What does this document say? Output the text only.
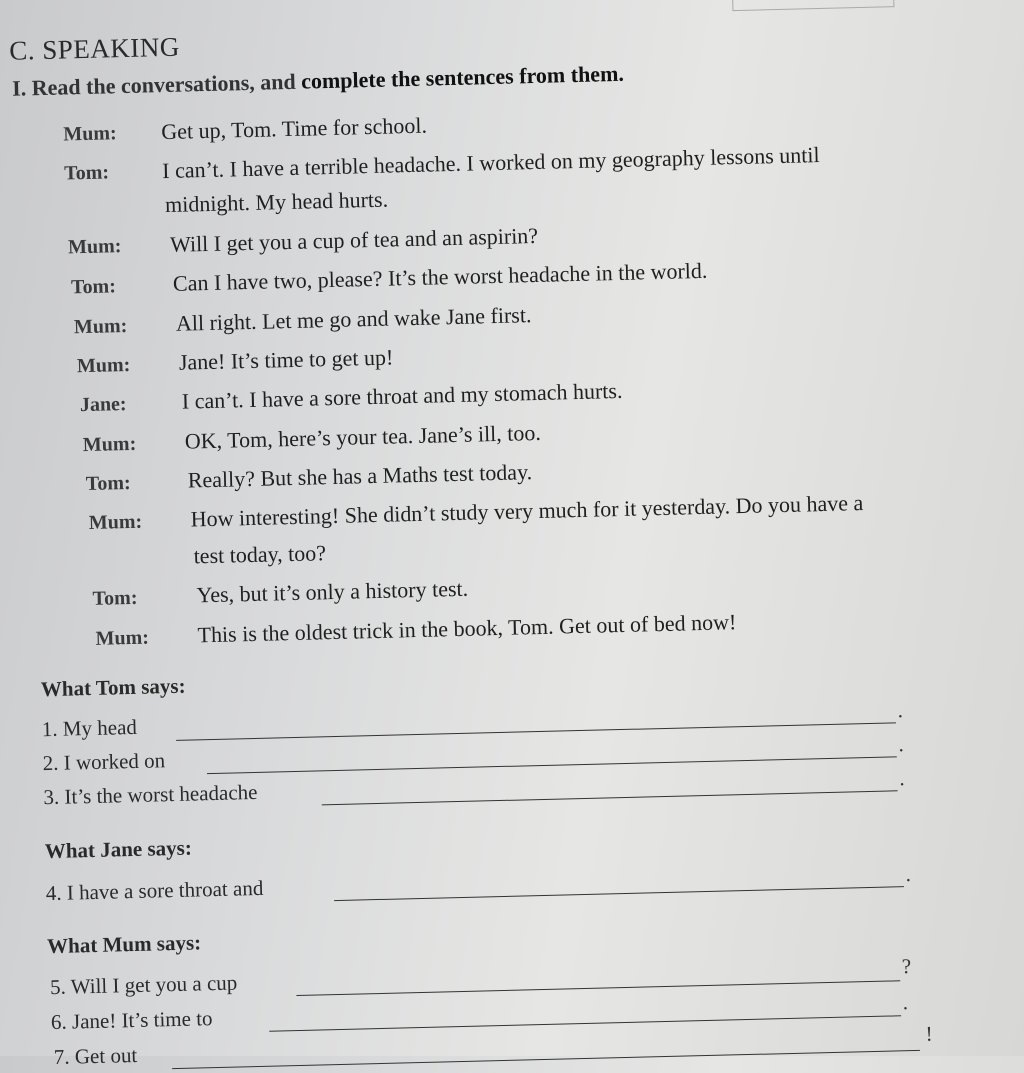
C. SPEAKING
I. Read the conversations, and complete the sentences from them.
Mum: Get up, Tom. Time for school.
Tom: I can’t. I have a terrible headache. I worked on my geography lessons until
midnight. My head hurts.
Mum: Will I get you a cup of tea and an aspirin?
Tom:	Can I have two, please? It’s the worst headache in the world.
Mum: All right. Let me go and wake Jane first.
Mum: Jane! It’s time to get up!
Jane: I can’t. I have a sore throat and my stomach hurts.
Mum: OK, Tom, here’s your tea. Jane’s ill, too.
Tom:	Really? But she has a Maths test today.
Mum: How interesting! She didn’t study very much for it yesterday. Do you have a
test today, too?
Tom:	Yes, but it’s only a history test.
Mum: This is the oldest trick in the book, Tom. Get out of bed now!
What Tom says:
1. My head
.
2. I worked on
.
3. It’s the worst headache
.
What Jane says:
4. I have a sore throat and
.
What Mum says:
5. Will I get you a cup
?
6. Jane! It’s time to
.
7. Get out
!
